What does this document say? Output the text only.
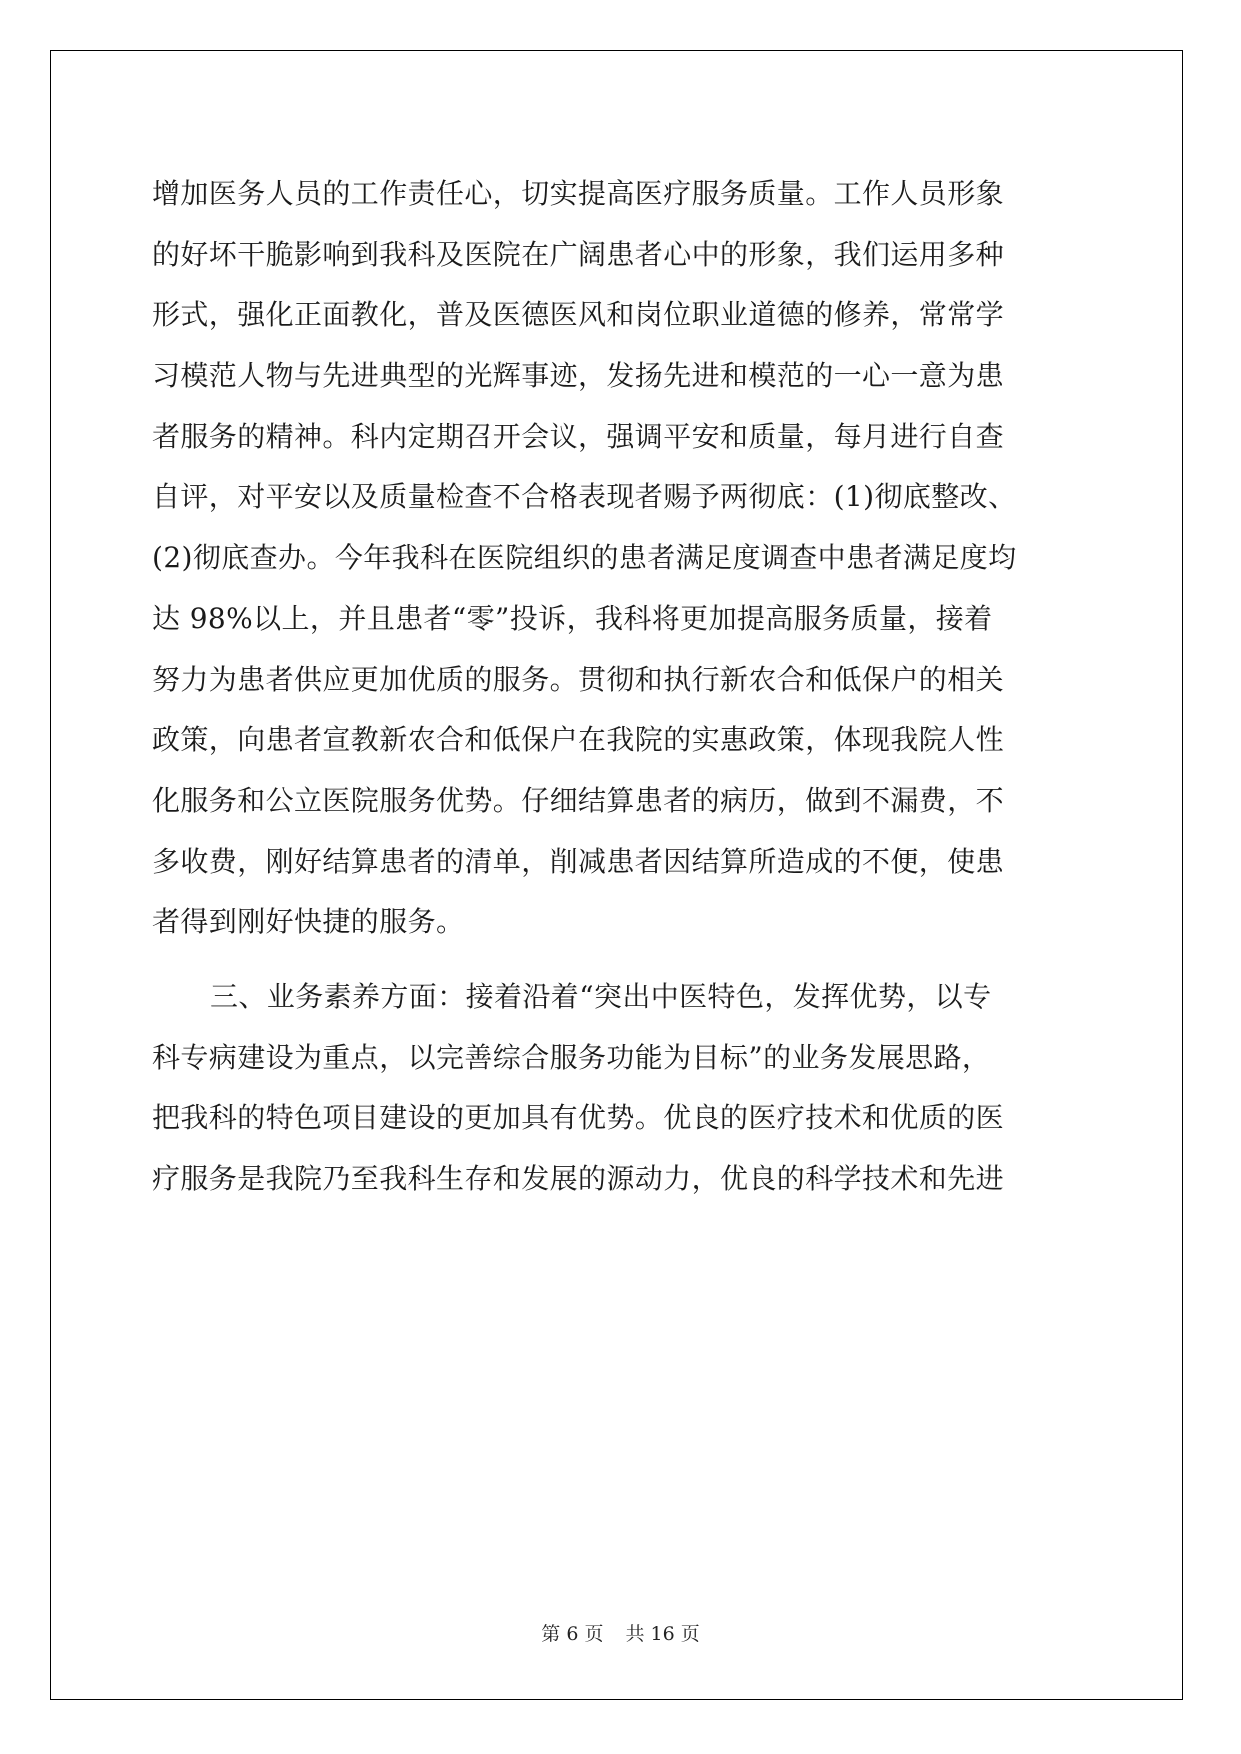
增加医务人员的工作责任心，切实提高医疗服务质量。工作人员形象
的好坏干脆影响到我科及医院在广阔患者心中的形象，我们运用多种
形式，强化正面教化，普及医德医风和岗位职业道德的修养，常常学
习模范人物与先进典型的光辉事迹，发扬先进和模范的一心一意为患
者服务的精神。科内定期召开会议，强调平安和质量，每月进行自查
自评，对平安以及质量检查不合格表现者赐予两彻底：(1)彻底整改、
(2)彻底查办。今年我科在医院组织的患者满足度调查中患者满足度均
达 98%以上，并且患者“零”投诉，我科将更加提高服务质量，接着
努力为患者供应更加优质的服务。贯彻和执行新农合和低保户的相关
政策，向患者宣教新农合和低保户在我院的实惠政策，体现我院人性
化服务和公立医院服务优势。仔细结算患者的病历，做到不漏费，不
多收费，刚好结算患者的清单，削减患者因结算所造成的不便，使患
者得到刚好快捷的服务。
三、业务素养方面：接着沿着“突出中医特色，发挥优势，以专
科专病建设为重点，以完善综合服务功能为目标”的业务发展思路，
把我科的特色项目建设的更加具有优势。优良的医疗技术和优质的医
疗服务是我院乃至我科生存和发展的源动力，优良的科学技术和先进
第 6 页 共 16 页
